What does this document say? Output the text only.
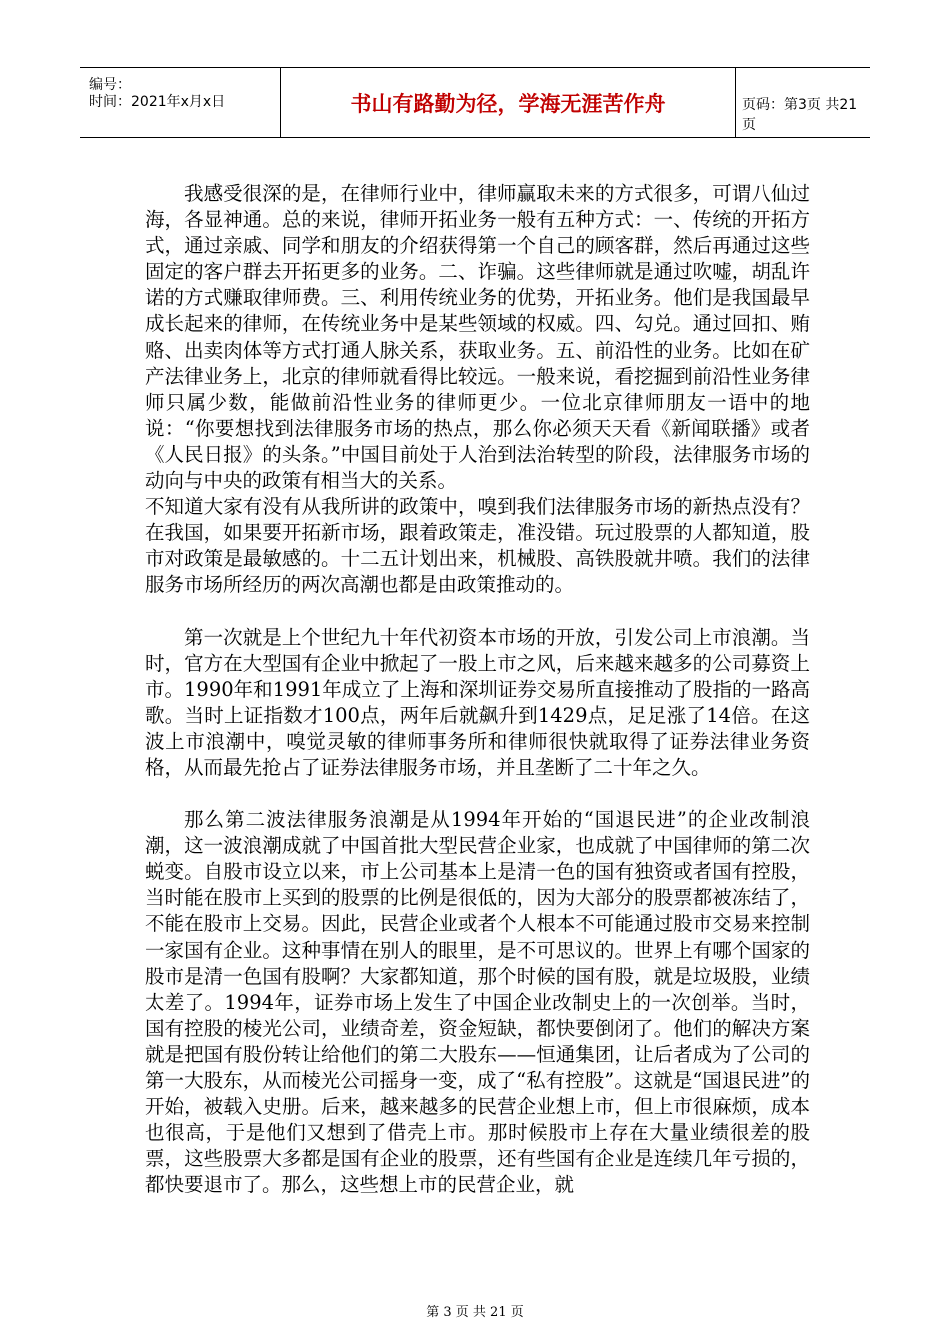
编号：
时间：2021年x月x日	书山有路勤为径，学海无涯苦作舟	页码：第3页 共21页

我感受很深的是，在律师行业中，律师赢取未来的方式很多，可谓八仙过海，各显神通。总的来说，律师开拓业务一般有五种方式：一、传统的开拓方式，通过亲戚、同学和朋友的介绍获得第一个自己的顾客群，然后再通过这些固定的客户群去开拓更多的业务。二、诈骗。这些律师就是通过吹嘘，胡乱许诺的方式赚取律师费。三、利用传统业务的优势，开拓业务。他们是我国最早成长起来的律师，在传统业务中是某些领域的权威。四、勾兑。通过回扣、贿赂、出卖肉体等方式打通人脉关系，获取业务。五、前沿性的业务。比如在矿产法律业务上，北京的律师就看得比较远。一般来说，看挖掘到前沿性业务律师只属少数，能做前沿性业务的律师更少。一位北京律师朋友一语中的地说：“你要想找到法律服务市场的热点，那么你必须天天看《新闻联播》或者《人民日报》的头条。”中国目前处于人治到法治转型的阶段，法律服务市场的动向与中央的政策有相当大的关系。

不知道大家有没有从我所讲的政策中，嗅到我们法律服务市场的新热点没有？在我国，如果要开拓新市场，跟着政策走，准没错。玩过股票的人都知道，股市对政策是最敏感的。十二五计划出来，机械股、高铁股就井喷。我们的法律服务市场所经历的两次高潮也都是由政策推动的。

第一次就是上个世纪九十年代初资本市场的开放，引发公司上市浪潮。当时，官方在大型国有企业中掀起了一股上市之风，后来越来越多的公司募资上市。1990年和1991年成立了上海和深圳证券交易所直接推动了股指的一路高歌。当时上证指数才100点，两年后就飙升到1429点，足足涨了14倍。在这波上市浪潮中，嗅觉灵敏的律师事务所和律师很快就取得了证券法律业务资格，从而最先抢占了证券法律服务市场，并且垄断了二十年之久。

那么第二波法律服务浪潮是从1994年开始的“国退民进”的企业改制浪潮，这一波浪潮成就了中国首批大型民营企业家，也成就了中国律师的第二次蜕变。自股市设立以来，市上公司基本上是清一色的国有独资或者国有控股，当时能在股市上买到的股票的比例是很低的，因为大部分的股票都被冻结了，不能在股市上交易。因此，民营企业或者个人根本不可能通过股市交易来控制一家国有企业。这种事情在别人的眼里，是不可思议的。世界上有哪个国家的股市是清一色国有股啊？大家都知道，那个时候的国有股，就是垃圾股，业绩太差了。1994年，证券市场上发生了中国企业改制史上的一次创举。当时，国有控股的棱光公司，业绩奇差，资金短缺，都快要倒闭了。他们的解决方案就是把国有股份转让给他们的第二大股东——恒通集团，让后者成为了公司的第一大股东，从而棱光公司摇身一变，成了“私有控股”。这就是“国退民进”的开始，被载入史册。后来，越来越多的民营企业想上市，但上市很麻烦，成本也很高，于是他们又想到了借壳上市。那时候股市上存在大量业绩很差的股票，这些股票大多都是国有企业的股票，还有些国有企业是连续几年亏损的，都快要退市了。那么，这些想上市的民营企业，就

第 3 页 共 21 页
